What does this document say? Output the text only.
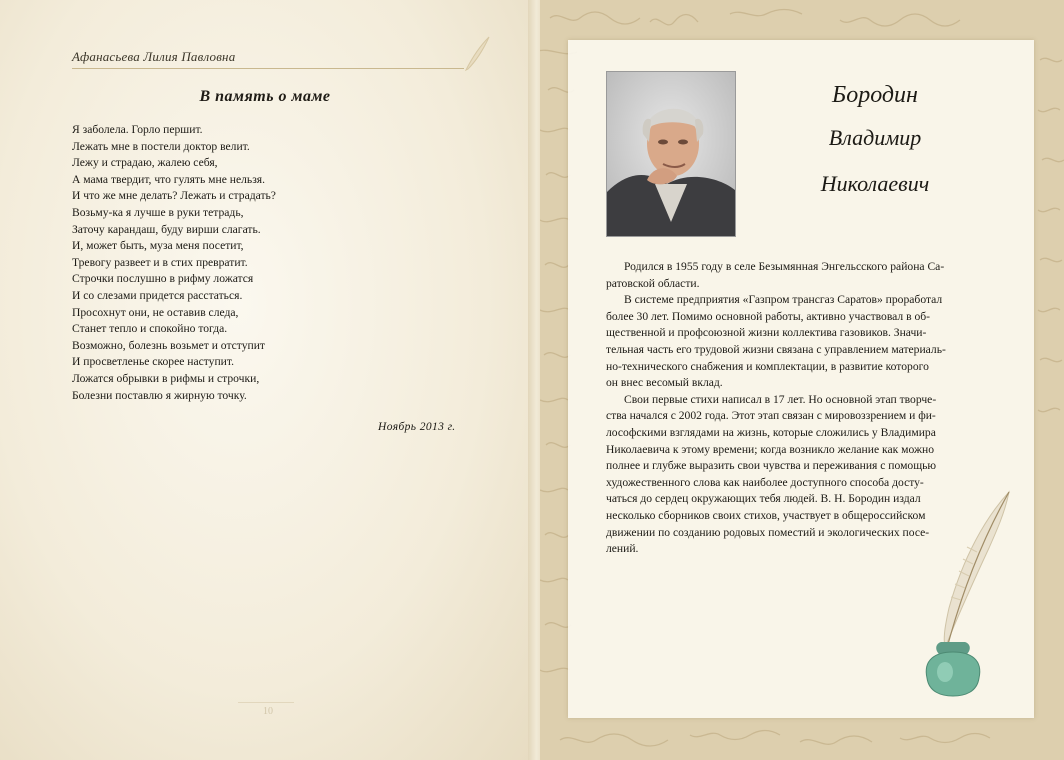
Афанасьева Лилия Павловна
В память о маме
Я заболела. Горло першит.
Лежать мне в постели доктор велит.
Лежу и страдаю, жалею себя,
А мама твердит, что гулять мне нельзя.
И что же мне делать? Лежать и страдать?
Возьму-ка я лучше в руки тетрадь,
Заточу карандаш, буду вирши слагать.
И, может быть, муза меня посетит,
Тревогу развеет и в стих превратит.
Строчки послушно в рифму ложатся
И со слезами придется расстаться.
Просохнут они, не оставив следа,
Станет тепло и спокойно тогда.
Возможно, болезнь возьмет и отступит
И просветленье скорее наступит.
Ложатся обрывки в рифмы и строчки,
Болезни поставлю я жирную точку.
Ноябрь 2013 г.
10
Бородин
Владимир
Николаевич
Родился в 1955 году в селе Безымянная Энгельсского района Са-
ратовской области.
В системе предприятия «Газпром трансгаз Саратов» проработал
более 30 лет. Помимо основной работы, активно участвовал в об-
щественной и профсоюзной жизни коллектива газовиков. Значи-
тельная часть его трудовой жизни связана с управлением материаль-
но-технического снабжения и комплектации, в развитие которого
он внес весомый вклад.
Свои первые стихи написал в 17 лет. Но основной этап творче-
ства начался с 2002 года. Этот этап связан с мировоззрением и фи-
лософскими взглядами на жизнь, которые сложились у Владимира
Николаевича к этому времени; когда возникло желание как можно
полнее и глубже выразить свои чувства и переживания с помощью
художественного слова как наиболее доступного способа досту-
чаться до сердец окружающих тебя людей. В. Н. Бородин издал
несколько сборников своих стихов, участвует в общероссийском
движении по созданию родовых поместий и экологических посе-
лений.
